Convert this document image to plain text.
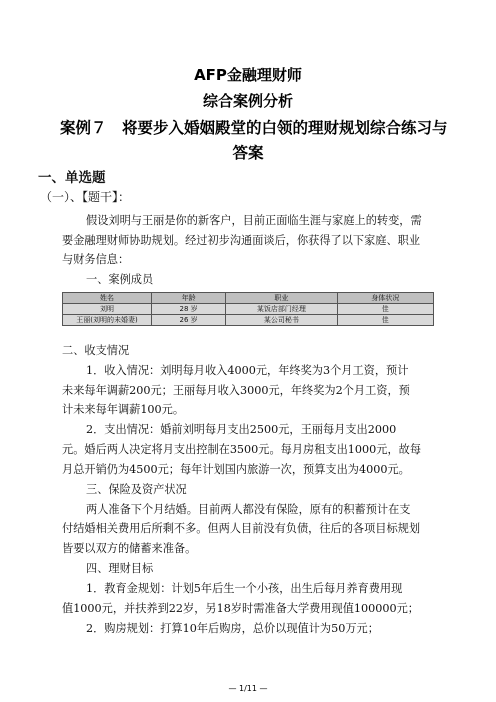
AFP金融理财师
综合案例分析
案例７　将要步入婚姻殿堂的白领的理财规划综合练习与
答案
一、单选题
（一）、【题干】：
假设刘明与王丽是你的新客户，目前正面临生涯与家庭上的转变，需
要金融理财师协助规划。经过初步沟通面谈后，你获得了以下家庭、职业
与财务信息：
一、案例成员
姓名	年龄	职业	身体状况
刘明	28 岁	某饭店部门经理	佳
王丽(刘明的未婚妻)	26 岁	某公司秘书	佳
二、收支情况
1．收入情况：刘明每月收入4000元，年终奖为3个月工资，预计
未来每年调薪200元；王丽每月收入3000元，年终奖为2个月工资，预
计未来每年调薪100元。
2．支出情况：婚前刘明每月支出2500元，王丽每月支出2000
元。婚后两人决定将月支出控制在3500元。每月房租支出1000元，故每
月总开销仍为4500元；每年计划国内旅游一次，预算支出为4000元。
三、保险及资产状况
两人准备下个月结婚。目前两人都没有保险，原有的积蓄预计在支
付结婚相关费用后所剩不多。但两人目前没有负债，往后的各项目标规划
皆要以双方的储蓄来准备。
四、理财目标
1．教育金规划：计划5年后生一个小孩，出生后每月养育费用现
值1000元，并扶养到22岁，另18岁时需准备大学费用现值100000元；
2．购房规划：打算10年后购房，总价以现值计为50万元；
— 1/11 —
